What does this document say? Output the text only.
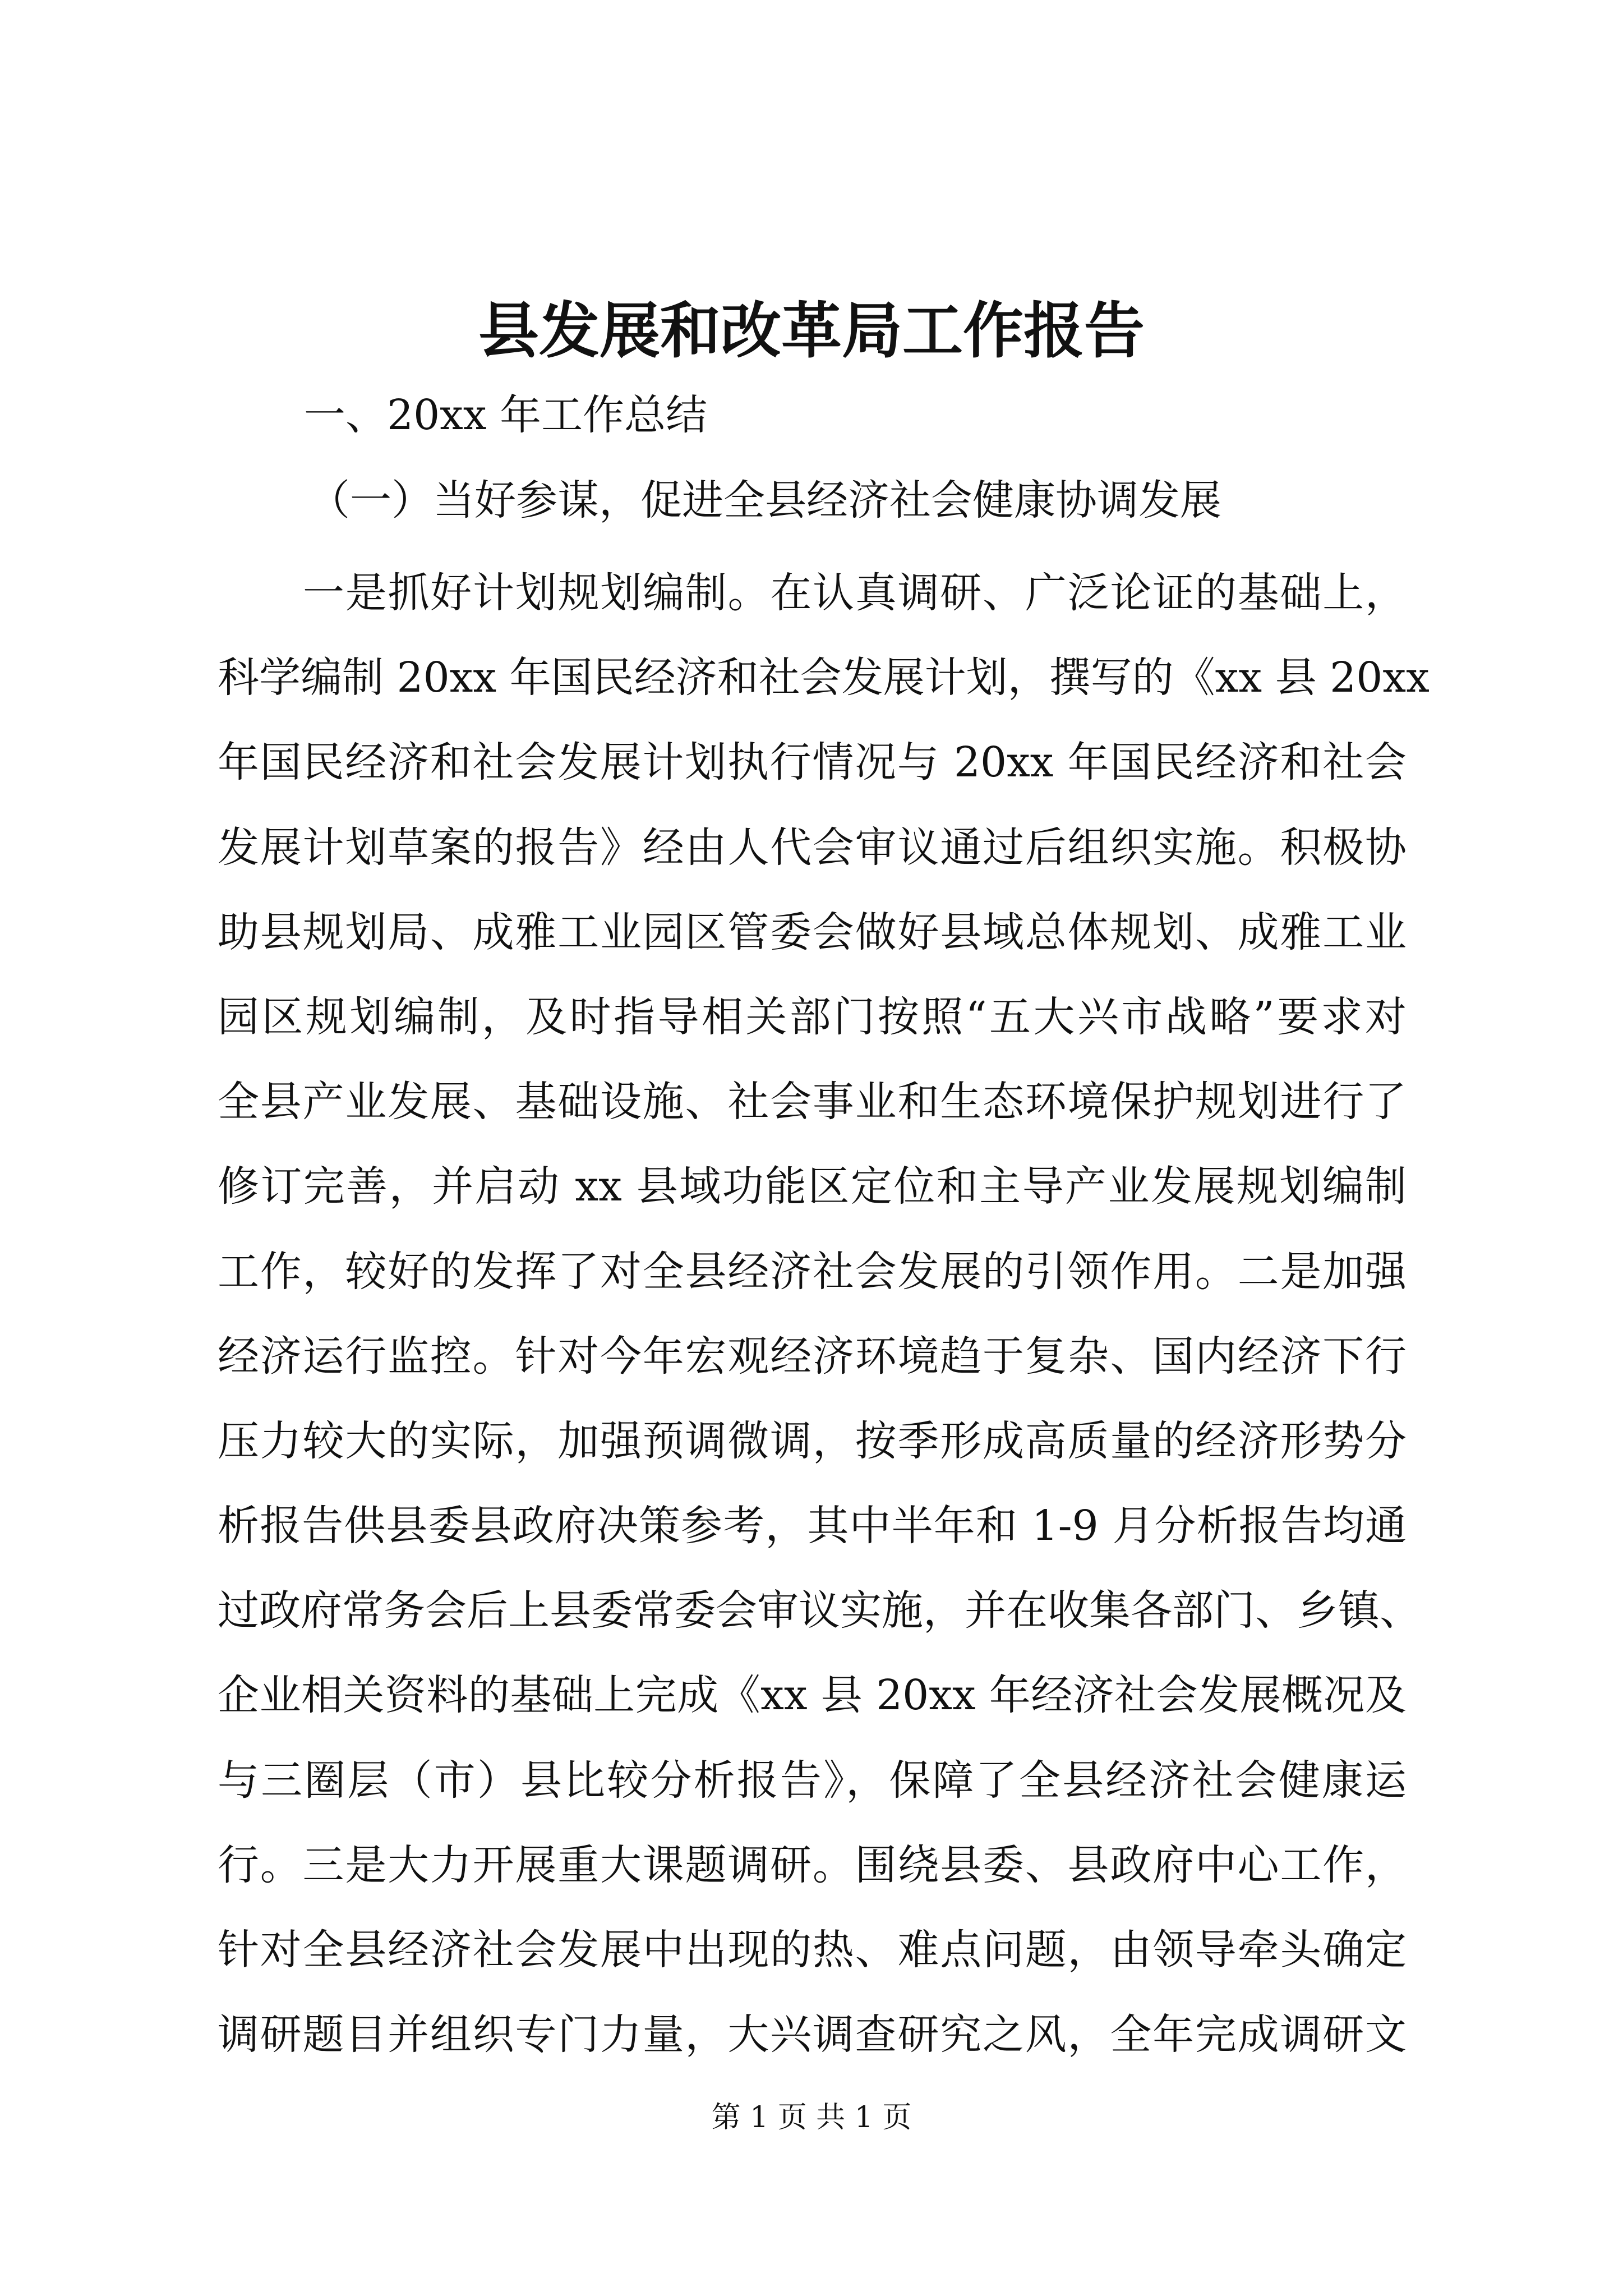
县发展和改革局工作报告

一、20xx 年工作总结

（一）当好参谋，促进全县经济社会健康协调发展

一是抓好计划规划编制。在认真调研、广泛论证的基础上，
科学编制 20xx 年国民经济和社会发展计划，撰写的《xx 县 20xx
年国民经济和社会发展计划执行情况与 20xx 年国民经济和社会
发展计划草案的报告》经由人代会审议通过后组织实施。积极协
助县规划局、成雅工业园区管委会做好县域总体规划、成雅工业
园区规划编制，及时指导相关部门按照“五大兴市战略”要求对
全县产业发展、基础设施、社会事业和生态环境保护规划进行了
修订完善，并启动 xx 县域功能区定位和主导产业发展规划编制
工作，较好的发挥了对全县经济社会发展的引领作用。二是加强
经济运行监控。针对今年宏观经济环境趋于复杂、国内经济下行
压力较大的实际，加强预调微调，按季形成高质量的经济形势分
析报告供县委县政府决策参考，其中半年和 1-9 月分析报告均通
过政府常务会后上县委常委会审议实施，并在收集各部门、乡镇、
企业相关资料的基础上完成《xx 县 20xx 年经济社会发展概况及
与三圈层（市）县比较分析报告》，保障了全县经济社会健康运
行。三是大力开展重大课题调研。围绕县委、县政府中心工作，
针对全县经济社会发展中出现的热、难点问题，由领导牵头确定
调研题目并组织专门力量，大兴调查研究之风，全年完成调研文

第 1 页 共 1 页
